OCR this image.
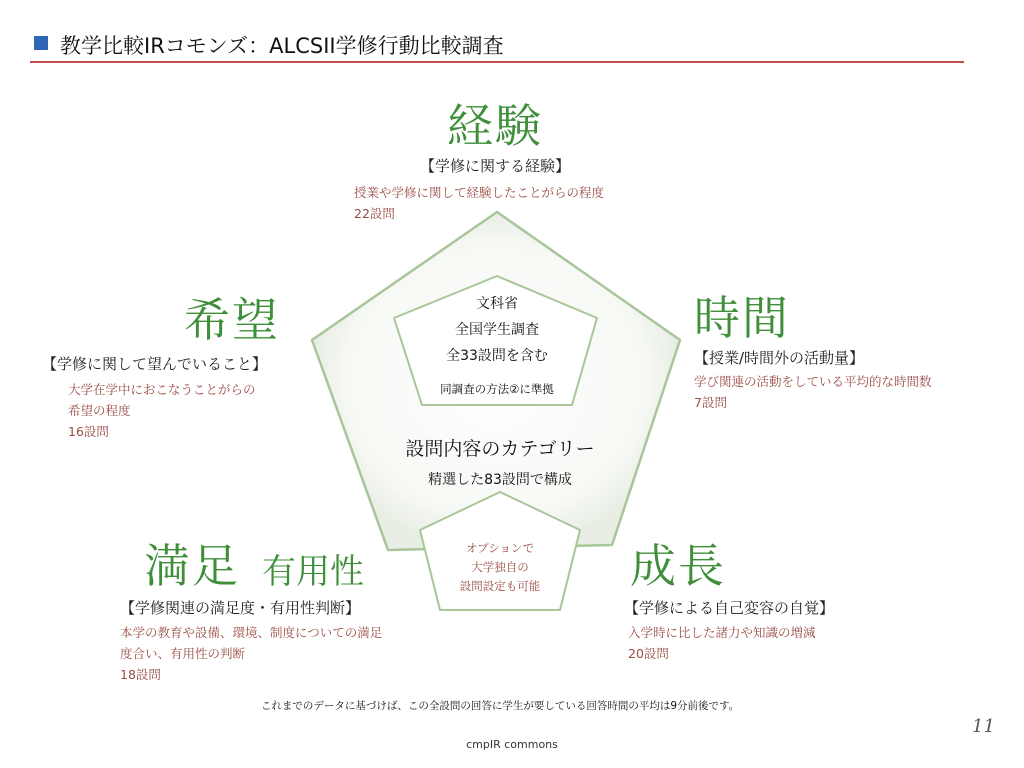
教学比較IRコモンズ：ALCSII学修行動比較調査
経験
【学修に関する経験】
授業や学修に関して経験したことがらの程度
22設問
時間
【授業/時間外の活動量】
学び関連の活動をしている平均的な時間数
7設問
希望
【学修に関して望んでいること】
大学在学中におこなうことがらの
希望の程度
16設問
満足 有用性
【学修関連の満足度・有用性判断】
本学の教育や設備、環境、制度についての満足
度合い、有用性の判断
18設問
成長
【学修による自己変容の自覚】
入学時に比した諸力や知識の増減
20設問
文科省
全国学生調査
全33設問を含む
同調査の方法②に準拠
設問内容のカテゴリー
精選した83設問で構成
オプションで
大学独自の
設問設定も可能
これまでのデータに基づけば、この全設問の回答に学生が要している回答時間の平均は9分前後です。
11
cmpIR commons
